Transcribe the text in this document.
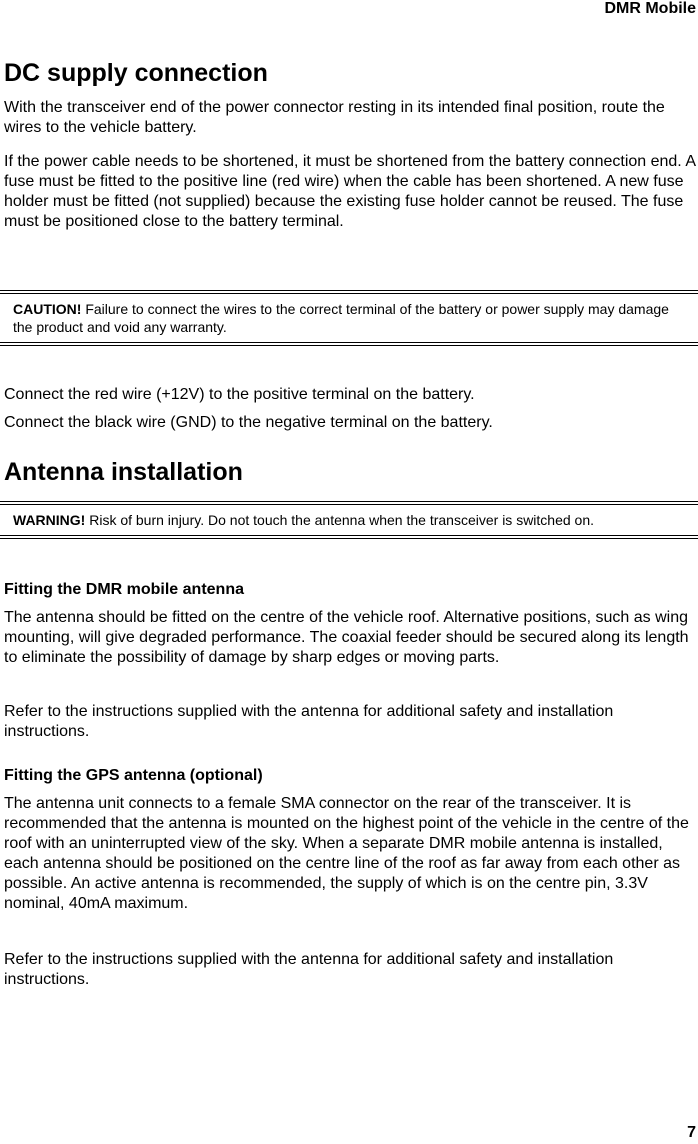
DMR Mobile
DC supply connection
With the transceiver end of the power connector resting in its intended final position, route the wires to the vehicle battery.
If the power cable needs to be shortened, it must be shortened from the battery connection end. A fuse must be fitted to the positive line (red wire) when the cable has been shortened. A new fuse holder must be fitted (not supplied) because the existing fuse holder cannot be reused. The fuse must be positioned close to the battery terminal.
CAUTION! Failure to connect the wires to the correct terminal of the battery or power supply may damage the product and void any warranty.
Connect the red wire (+12V) to the positive terminal on the battery.
Connect the black wire (GND) to the negative terminal on the battery.
Antenna installation
WARNING! Risk of burn injury. Do not touch the antenna when the transceiver is switched on.
Fitting the DMR mobile antenna
The antenna should be fitted on the centre of the vehicle roof. Alternative positions, such as wing mounting, will give degraded performance. The coaxial feeder should be secured along its length to eliminate the possibility of damage by sharp edges or moving parts.
Refer to the instructions supplied with the antenna for additional safety and installation instructions.
Fitting the GPS antenna (optional)
The antenna unit connects to a female SMA connector on the rear of the transceiver. It is recommended that the antenna is mounted on the highest point of the vehicle in the centre of the roof with an uninterrupted view of the sky. When a separate DMR mobile antenna is installed, each antenna should be positioned on the centre line of the roof as far away from each other as possible. An active antenna is recommended, the supply of which is on the centre pin, 3.3V nominal, 40mA maximum.
Refer to the instructions supplied with the antenna for additional safety and installation instructions.
7
